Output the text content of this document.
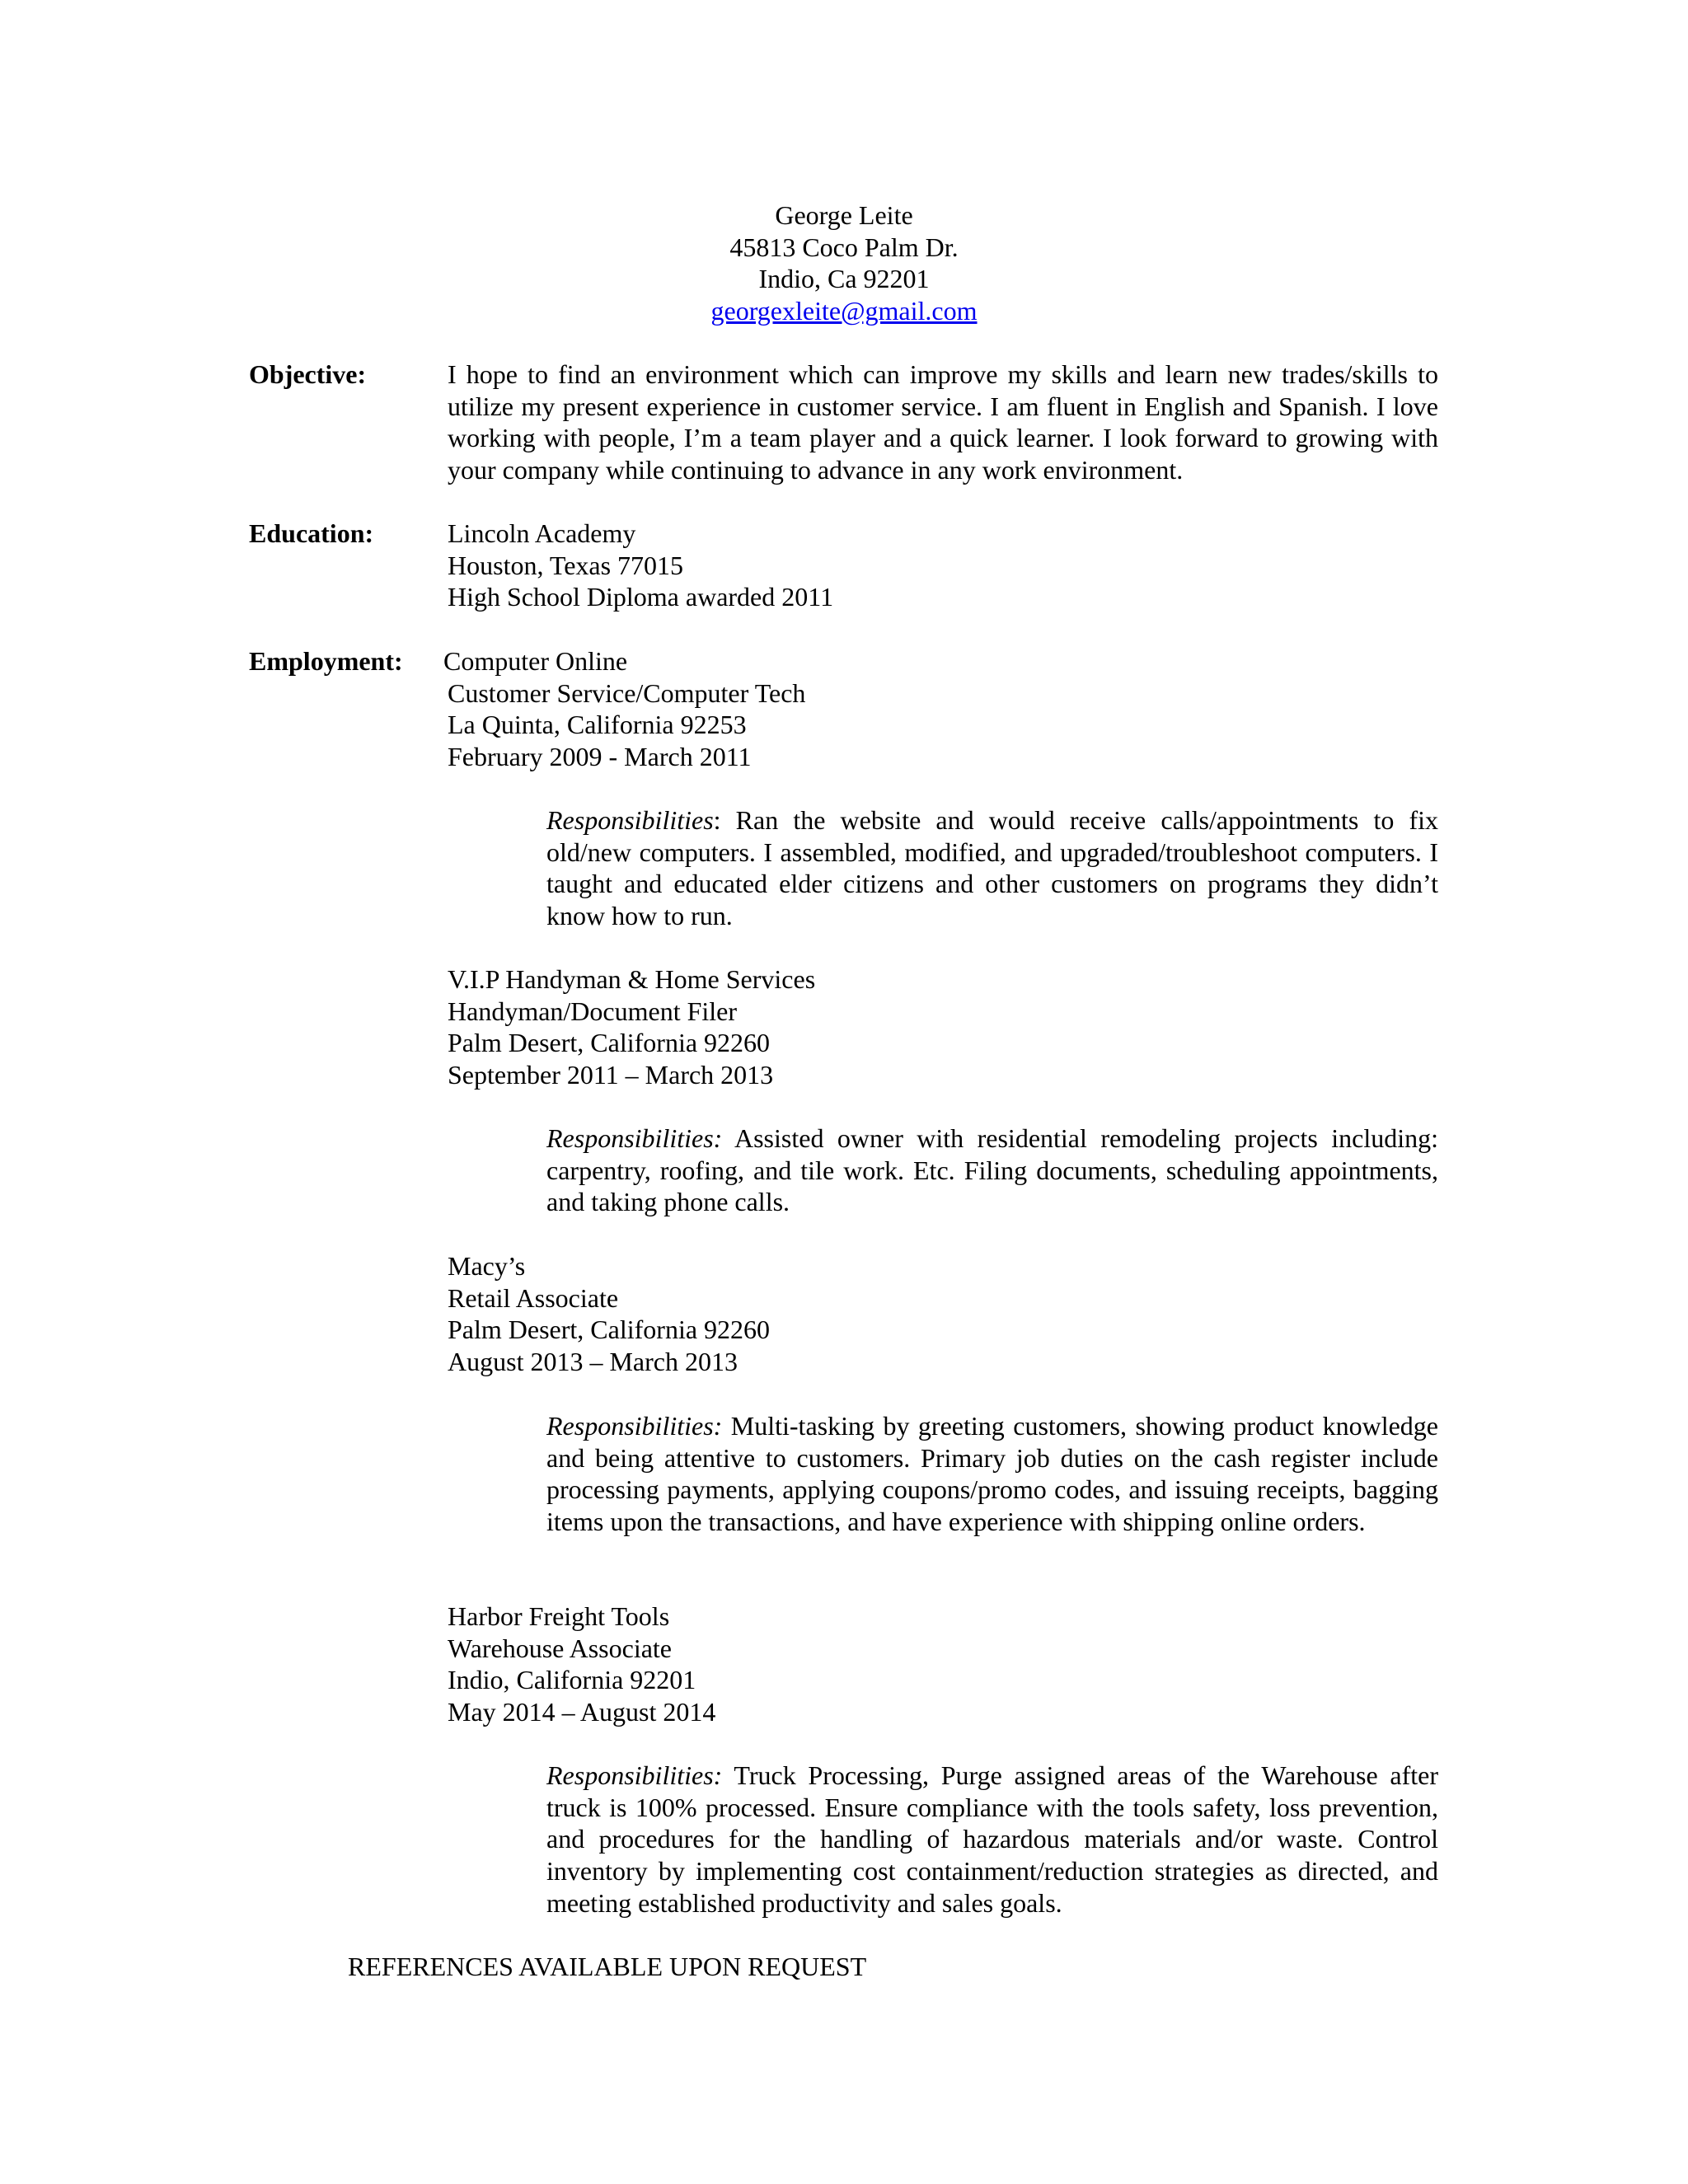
George Leite
45813 Coco Palm Dr.
Indio, Ca 92201
georgexleite@gmail.com
Objective:	I hope to find an environment which can improve my skills and learn new trades/skills to utilize my present experience in customer service. I am fluent in English and Spanish. I love working with people, I’m a team player and a quick learner. I look forward to growing with your company while continuing to advance in any work environment.
Education:	Lincoln Academy
Houston, Texas 77015
High School Diploma awarded 2011
Employment: Computer Online
Customer Service/Computer Tech
La Quinta, California 92253
February 2009 - March 2011
Responsibilities: Ran the website and would receive calls/appointments to fix old/new computers. I assembled, modified, and upgraded/troubleshoot computers. I taught and educated elder citizens and other customers on programs they didn’t know how to run.
V.I.P Handyman & Home Services
Handyman/Document Filer
Palm Desert, California 92260
September 2011 – March 2013
Responsibilities: Assisted owner with residential remodeling projects including: carpentry, roofing, and tile work. Etc. Filing documents, scheduling appointments, and taking phone calls.
Macy’s
Retail Associate
Palm Desert, California 92260
August 2013 – March 2013
Responsibilities: Multi-tasking by greeting customers, showing product knowledge and being attentive to customers. Primary job duties on the cash register include processing payments, applying coupons/promo codes, and issuing receipts, bagging items upon the transactions, and have experience with shipping online orders.
Harbor Freight Tools
Warehouse Associate
Indio, California 92201
May 2014 – August 2014
Responsibilities: Truck Processing, Purge assigned areas of the Warehouse after truck is 100% processed. Ensure compliance with the tools safety, loss prevention, and procedures for the handling of hazardous materials and/or waste. Control inventory by implementing cost containment/reduction strategies as directed, and meeting established productivity and sales goals.
REFERENCES AVAILABLE UPON REQUEST
